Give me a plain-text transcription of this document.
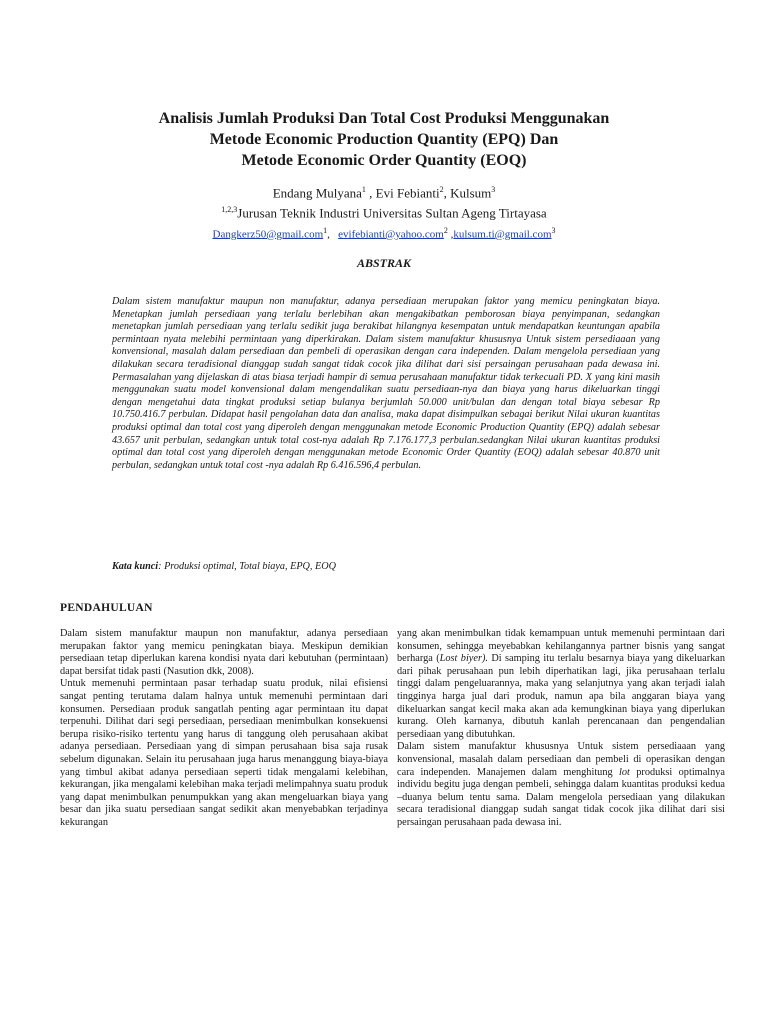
Analisis Jumlah Produksi Dan Total Cost Produksi Menggunakan
Metode Economic Production Quantity (EPQ) Dan
Metode Economic Order Quantity (EOQ)
Endang Mulyana$^1$ , Evi Febianti$^2$, Kulsum$^3$
$^{1,2,3}$Jurusan Teknik Industri Universitas Sultan Ageng Tirtayasa
Dangkerz50@gmail.com$^1$,   evifebianti@yahoo.com$^2$ ,kulsum.ti@gmail.com$^3$
ABSTRAK
Dalam sistem manufaktur maupun non manufaktur, adanya persediaan merupakan faktor yang memicu peningkatan biaya. Menetapkan jumlah persediaan yang terlalu berlebihan akan mengakibatkan pemborosan biaya penyimpanan, sedangkan menetapkan jumlah persediaan yang terlalu sedikit juga berakibat hilangnya kesempatan untuk mendapatkan keuntungan apabila permintaan nyata melebihi permintaan yang diperkirakan. Dalam sistem manufaktur khususnya Untuk sistem persediaaan yang konvensional, masalah dalam persediaan dan pembeli di operasikan dengan cara independen. Dalam mengelola persediaan yang dilakukan secara teradisional dianggap sudah sangat tidak cocok jika dilihat dari sisi persaingan perusahaan pada dewasa ini. Permasalahan yang dijelaskan di atas biasa terjadi hampir di semua perusahaan manufaktur tidak terkecuali PD. X yang kini masih menggunakan suatu model konvensional dalam mengendalikan suatu persediaan-nya dan biaya yang harus dikeluarkan tinggi dengan mengetahui data tingkat produksi setiap bulanya berjumlah 50.000 unit/bulan dan dengan total biaya sebesar Rp 10.750.416.7 perbulan. Didapat hasil pengolahan data dan analisa, maka dapat disimpulkan sebagai berikut Nilai ukuran kuantitas produksi optimal dan total cost yang diperoleh dengan menggunakan metode Economic Production Quantity (EPQ) adalah sebesar 43.657 unit perbulan, sedangkan untuk total cost-nya adalah Rp 7.176.177,3 perbulan.sedangkan Nilai ukuran kuantitas produksi optimal dan total cost yang diperoleh dengan menggunakan metode Economic Order Quantity (EOQ) adalah sebesar 40.870 unit perbulan, sedangkan untuk total cost -nya adalah Rp 6.416.596,4 perbulan.
Kata kunci: Produksi optimal, Total biaya, EPQ, EOQ
PENDAHULUAN

Dalam sistem manufaktur maupun non manufaktur, adanya persediaan merupakan faktor yang memicu peningkatan biaya. Meskipun demikian persediaan tetap diperlukan karena kondisi nyata dari kebutuhan (permintaan) dapat bersifat tidak pasti (Nasution dkk, 2008).

Untuk memenuhi permintaan pasar terhadap suatu produk, nilai efisiensi sangat penting terutama dalam halnya untuk memenuhi permintaan dari konsumen. Persediaan produk sangatlah penting agar permintaan itu dapat terpenuhi. Dilihat dari segi persediaan, persediaan menimbulkan konsekuensi berupa risiko-risiko tertentu yang harus di tanggung oleh perusahaan akibat adanya persediaan. Persediaan yang di simpan perusahaan bisa saja rusak sebelum digunakan. Selain itu perusahaan juga harus menanggung biaya-biaya yang timbul akibat adanya persediaan seperti tidak mengalami kelebihan, kekurangan, jika mengalami kelebihan maka terjadi melimpahnya suatu produk yang dapat menimbulkan penumpukkan yang akan mengeluarkan biaya yang besar dan jika suatu persediaan sangat sedikit akan menyebabkan terjadinya kekurangan

yang akan menimbulkan tidak kemampuan untuk memenuhi permintaan dari konsumen, sehingga meyebabkan kehilangannya partner bisnis yang sangat berharga (Lost biyer). Di samping itu terlalu besarnya biaya yang dikeluarkan dari pihak perusahaan pun lebih diperhatikan lagi, jika perusahaan terlalu tinggi dalam pengeluarannya, maka yang selanjutnya yang akan terjadi ialah tingginya harga jual dari produk, namun apa bila anggaran biaya yang dikeluarkan sangat kecil maka akan ada kemungkinan biaya yang diperlukan kurang. Oleh karnanya, dibutuh kanlah perencanaan dan pengendalian persediaan yang dibutuhkan.

Dalam sistem manufaktur khususnya Untuk sistem persediaaan yang konvensional, masalah dalam persediaan dan pembeli di operasikan dengan cara independen. Manajemen dalam menghitung lot produksi optimalnya individu begitu juga dengan pembeli, sehingga dalam kuantitas produksi kedua –duanya belum tentu sama. Dalam mengelola persediaan yang dilakukan secara teradisional dianggap sudah sangat tidak cocok jika dilihat dari sisi persaingan perusahaan pada dewasa ini.
